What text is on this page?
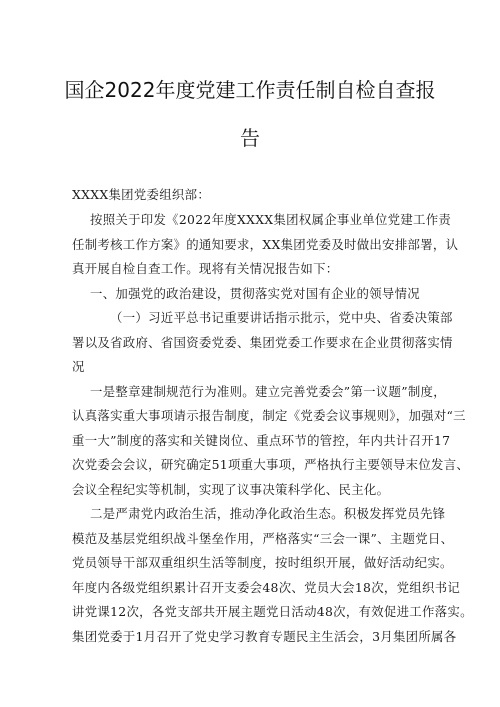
国企2022年度党建工作责任制自检自查报
告

XXXX集团党委组织部：

按照关于印发《2022年度XXXX集团权属企事业单位党建工作责

任制考核工作方案》的通知要求，XX集团党委及时做出安排部署，认

真开展自检自查工作。现将有关情况报告如下：

一、加强党的政治建设，贯彻落实党对国有企业的领导情况

（一）习近平总书记重要讲话指示批示，党中央、省委决策部

署以及省政府、省国资委党委、集团党委工作要求在企业贯彻落实情

况

一是整章建制规范行为准则。建立完善党委会”第一议题”制度，

认真落实重大事项请示报告制度，制定《党委会议事规则》，加强对“三

重一大”制度的落实和关键岗位、重点环节的管控，年内共计召开17

次党委会会议，研究确定51项重大事项，严格执行主要领导末位发言、

会议全程纪实等机制，实现了议事决策科学化、民主化。

二是严肃党内政治生活，推动净化政治生态。积极发挥党员先锋

模范及基层党组织战斗堡垒作用，严格落实“三会一课”、主题党日、

党员领导干部双重组织生活等制度，按时组织开展，做好活动纪实。

年度内各级党组织累计召开支委会48次、党员大会18次，党组织书记

讲党课12次，各党支部共开展主题党日活动48次，有效促进工作落实。

集团党委于1月召开了党史学习教育专题民主生活会，3月集团所属各
